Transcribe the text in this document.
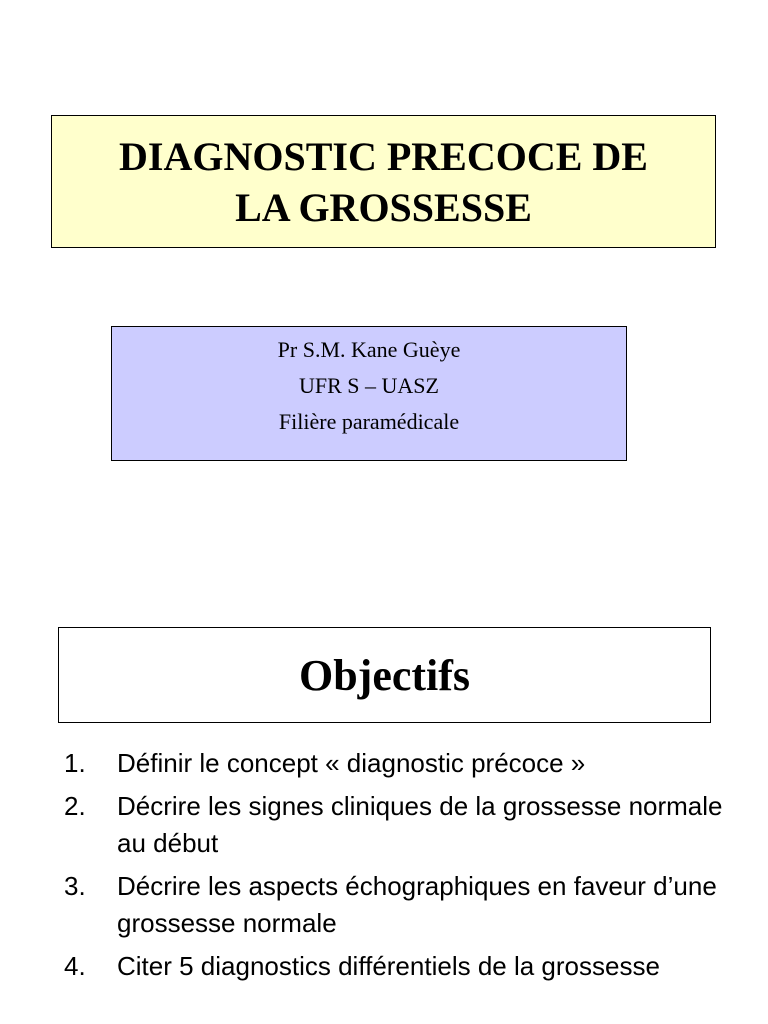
DIAGNOSTIC PRECOCE DE
LA GROSSESSE
Pr S.M. Kane Guèye
UFR S – UASZ
Filière paramédicale
Objectifs
1.	Définir le concept « diagnostic précoce »
2.	Décrire les signes cliniques de la grossesse normale au début
3.	Décrire les aspects échographiques en faveur d’une grossesse normale
4.	Citer 5 diagnostics différentiels de la grossesse
